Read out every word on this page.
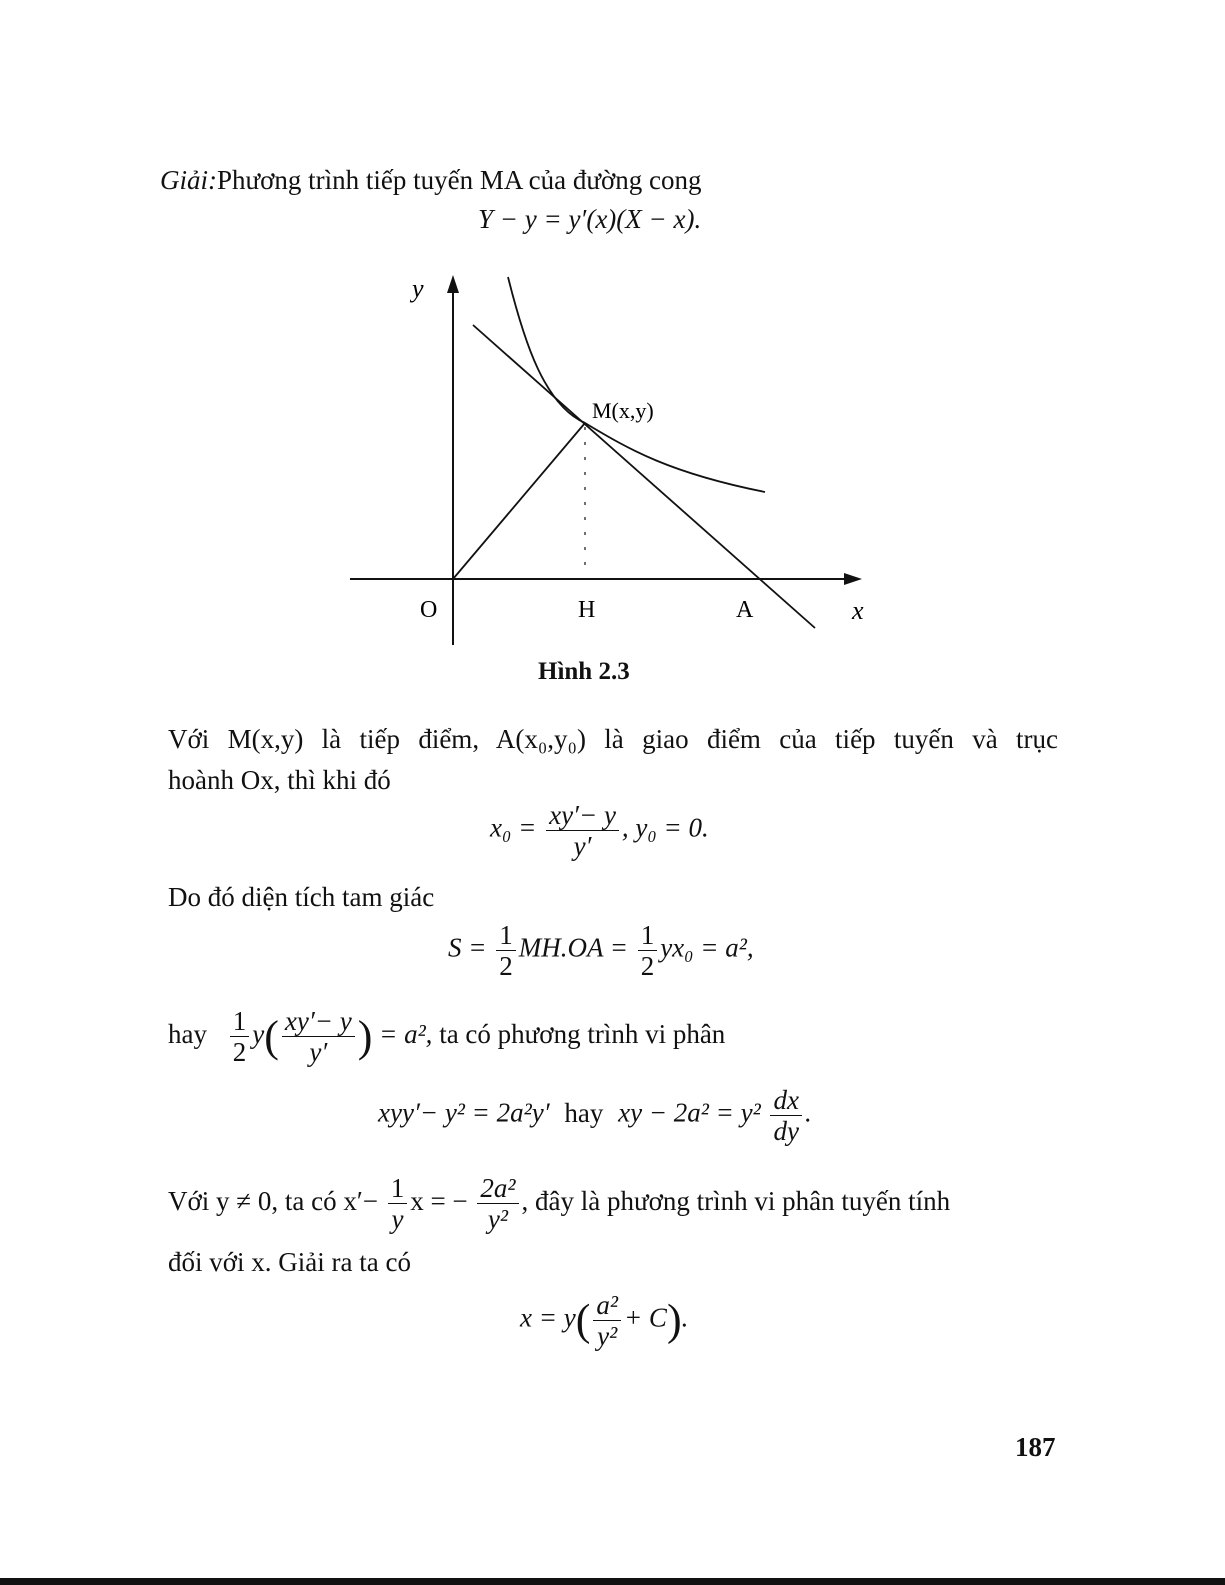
Giải:Phương trình tiếp tuyến MA của đường cong
Y − y = y′(x)(X − x).
y
x
M(x,y)
O	H	A
Hình 2.3
Với M(x,y) là tiếp điểm, A(x₀,y₀) là giao điểm của tiếp tuyến và trục
hoành Ox, thì khi đó
$x_0 = \frac{xy'- y}{y'}$ , y₀ = 0.
Do đó diện tích tam giác
$S = \frac{1}{2} MH.OA = \frac{1}{2} yx_0 = a^2$,
hay $\frac{1}{2} y( \frac{xy'- y}{y'}$ ) = a², ta có phương trình vi phân
xyy′− y² = 2a²y′ hay xy − $2a^2 = y^2 \frac{dx}{dy}$ .
Với y ≠ 0, ta có $x'- \frac{1}{y}$ x = − $\frac{\text{2a²}}{\text{y²}}$ , đây là phương trình vi phân tuyến tính
đối với x. Giải ra ta có
$x = y( \frac{\text{a²}}{\text{y²}} + C)$.
187
